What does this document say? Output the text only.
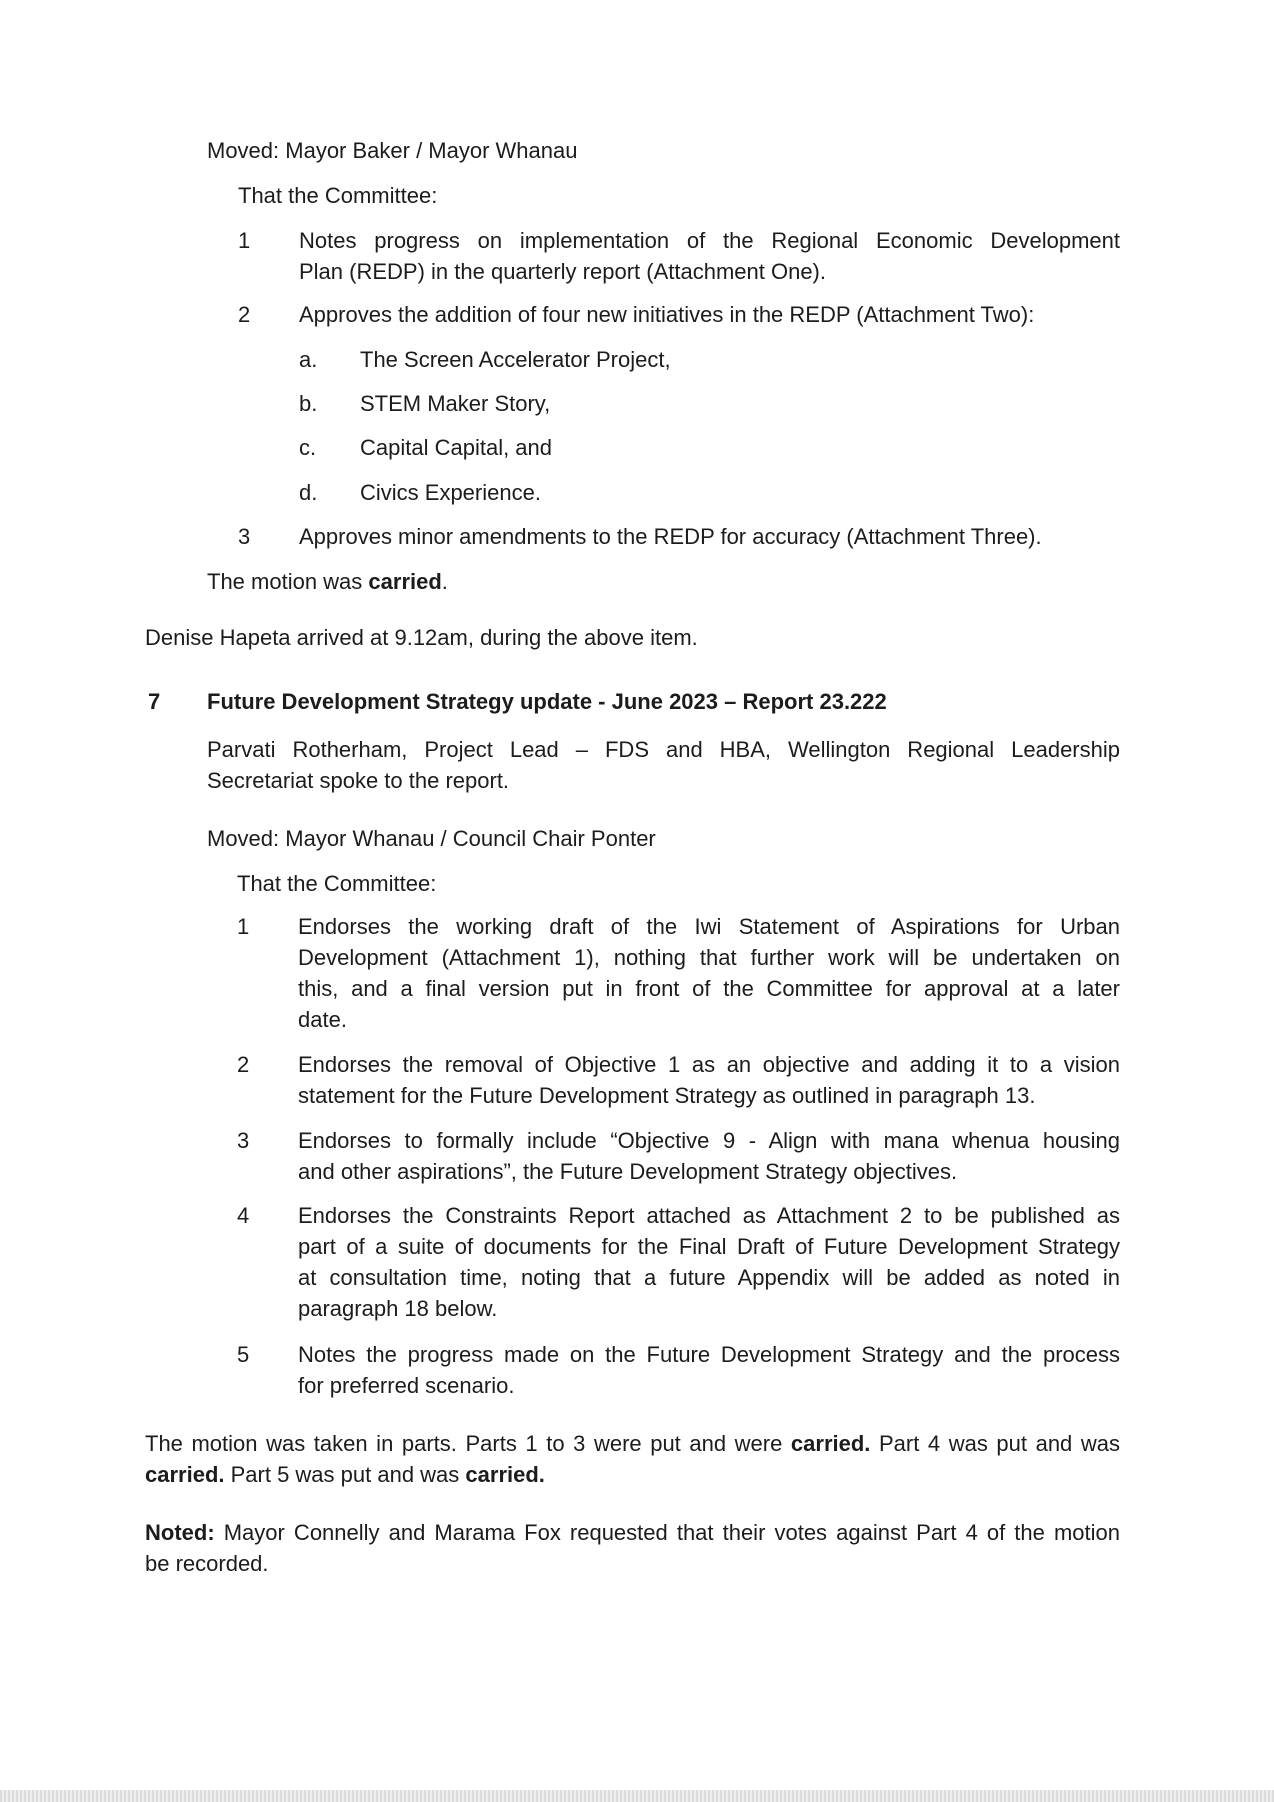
Moved: Mayor Baker / Mayor Whanau
That the Committee:
1 Notes progress on implementation of the Regional Economic Development
Plan (REDP) in the quarterly report (Attachment One).
2 Approves the addition of four new initiatives in the REDP (Attachment Two):
a. The Screen Accelerator Project,
b. STEM Maker Story,
c. Capital Capital, and
d. Civics Experience.
3 Approves minor amendments to the REDP for accuracy (Attachment Three).
The motion was carried.
Denise Hapeta arrived at 9.12am, during the above item.
7 Future Development Strategy update - June 2023 – Report 23.222
Parvati Rotherham, Project Lead – FDS and HBA, Wellington Regional Leadership
Secretariat spoke to the report.
Moved: Mayor Whanau / Council Chair Ponter
That the Committee:
1 Endorses the working draft of the Iwi Statement of Aspirations for Urban
Development (Attachment 1), nothing that further work will be undertaken on
this, and a final version put in front of the Committee for approval at a later
date.
2 Endorses the removal of Objective 1 as an objective and adding it to a vision
statement for the Future Development Strategy as outlined in paragraph 13.
3 Endorses to formally include “Objective 9 - Align with mana whenua housing
and other aspirations”, the Future Development Strategy objectives.
4 Endorses the Constraints Report attached as Attachment 2 to be published as
part of a suite of documents for the Final Draft of Future Development Strategy
at consultation time, noting that a future Appendix will be added as noted in
paragraph 18 below.
5 Notes the progress made on the Future Development Strategy and the process
for preferred scenario.
The motion was taken in parts. Parts 1 to 3 were put and were carried. Part 4 was put and was
carried. Part 5 was put and was carried.
Noted: Mayor Connelly and Marama Fox requested that their votes against Part 4 of the motion
be recorded.
